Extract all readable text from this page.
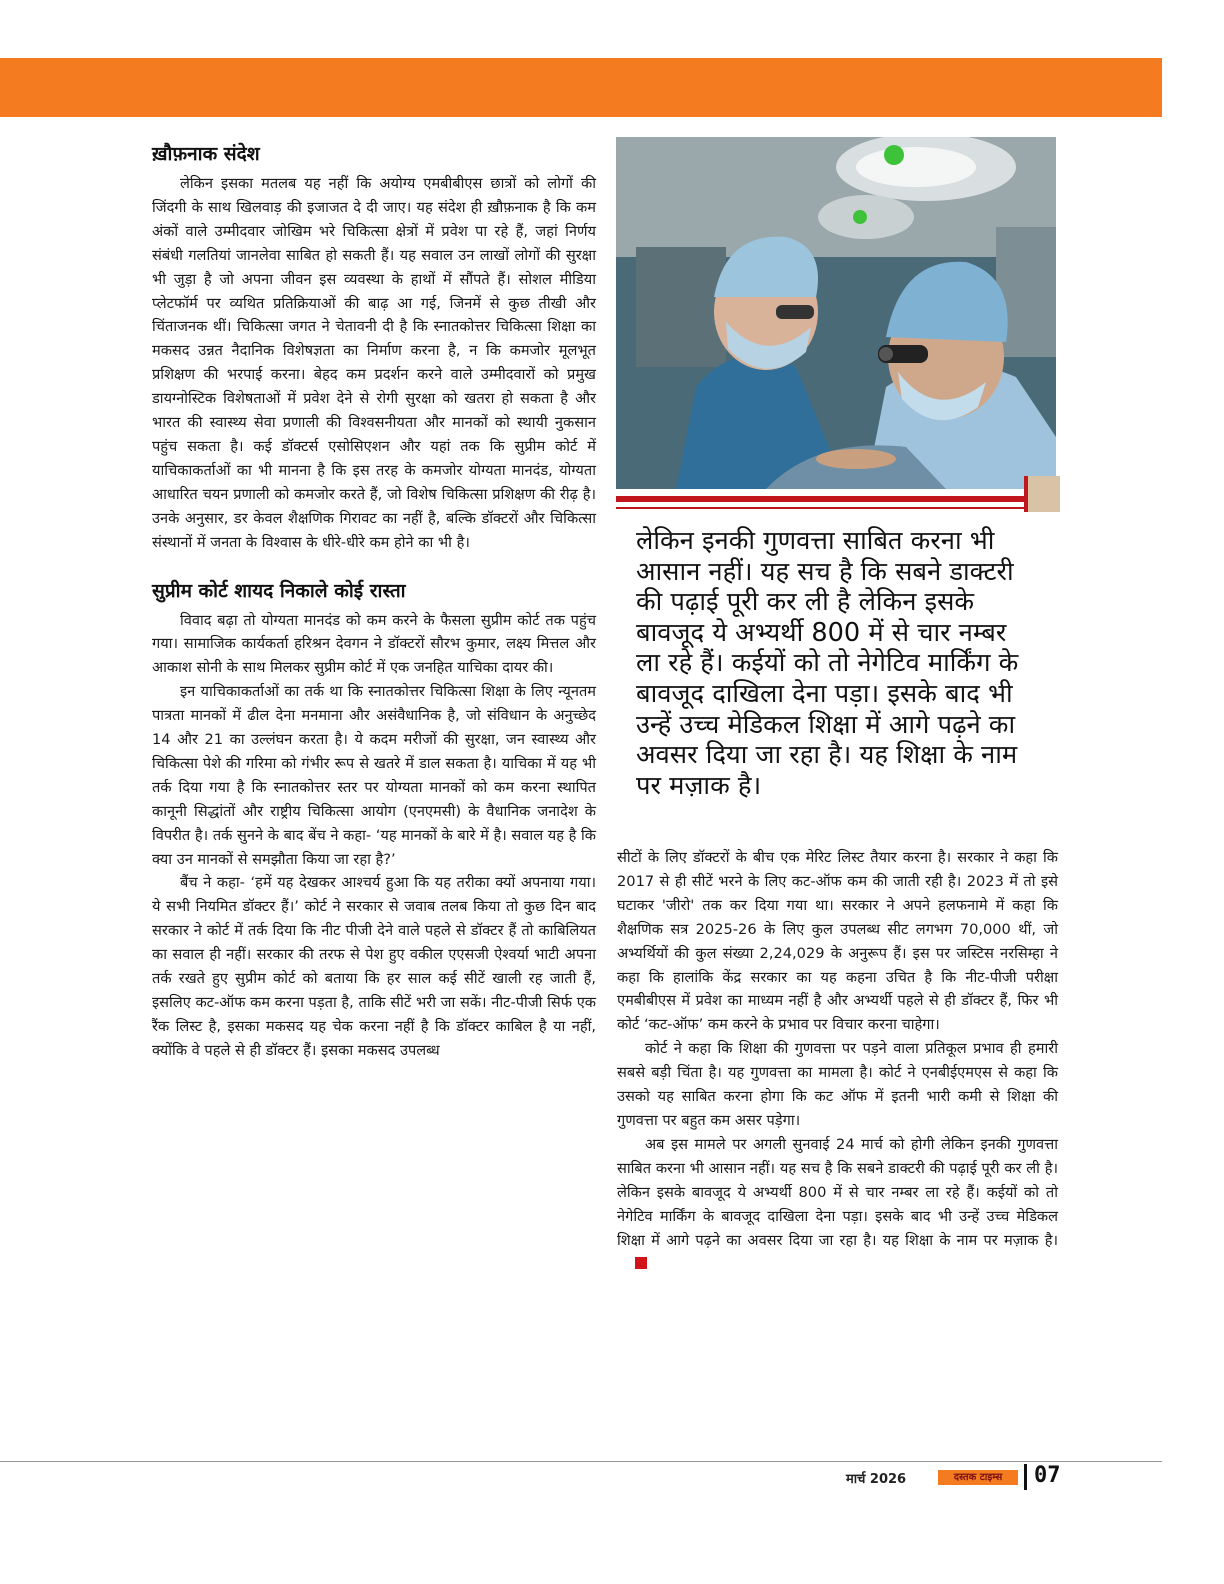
ख़ौफ़नाक संदेश

लेकिन इसका मतलब यह नहीं कि अयोग्य एमबीबीएस छात्रों को लोगों की जिंदगी के साथ खिलवाड़ की इजाजत दे दी जाए। यह संदेश ही ख़ौफ़नाक है कि कम अंकों वाले उम्मीदवार जोखिम भरे चिकित्सा क्षेत्रों में प्रवेश पा रहे हैं, जहां निर्णय संबंधी गलतियां जानलेवा साबित हो सकती हैं। यह सवाल उन लाखों लोगों की सुरक्षा भी जुड़ा है जो अपना जीवन इस व्यवस्था के हाथों में सौंपते हैं। सोशल मीडिया प्लेटफॉर्म पर व्यथित प्रतिक्रियाओं की बाढ़ आ गई, जिनमें से कुछ तीखी और चिंताजनक थीं। चिकित्सा जगत ने चेतावनी दी है कि स्नातकोत्तर चिकित्सा शिक्षा का मकसद उन्नत नैदानिक विशेषज्ञता का निर्माण करना है, न कि कमजोर मूलभूत प्रशिक्षण की भरपाई करना। बेहद कम प्रदर्शन करने वाले उम्मीदवारों को प्रमुख डायग्नोस्टिक विशेषताओं में प्रवेश देने से रोगी सुरक्षा को खतरा हो सकता है और भारत की स्वास्थ्य सेवा प्रणाली की विश्वसनीयता और मानकों को स्थायी नुकसान पहुंच सकता है। कई डॉक्टर्स एसोसिएशन और यहां तक कि सुप्रीम कोर्ट में याचिकाकर्ताओं का भी मानना है कि इस तरह के कमजोर योग्यता मानदंड, योग्यता आधारित चयन प्रणाली को कमजोर करते हैं, जो विशेष चिकित्सा प्रशिक्षण की रीढ़ है। उनके अनुसार, डर केवल शैक्षणिक गिरावट का नहीं है, बल्कि डॉक्टरों और चिकित्सा संस्थानों में जनता के विश्वास के धीरे-धीरे कम होने का भी है।

सुप्रीम कोर्ट शायद निकाले कोई रास्ता

विवाद बढ़ा तो योग्यता मानदंड को कम करने के फैसला सुप्रीम कोर्ट तक पहुंच गया। सामाजिक कार्यकर्ता हरिश्रन देवगन ने डॉक्टरों सौरभ कुमार, लक्ष्य मित्तल और आकाश सोनी के साथ मिलकर सुप्रीम कोर्ट में एक जनहित याचिका दायर की।

इन याचिकाकर्ताओं का तर्क था कि स्नातकोत्तर चिकित्सा शिक्षा के लिए न्यूनतम पात्रता मानकों में ढील देना मनमाना और असंवैधानिक है, जो संविधान के अनुच्छेद 14 और 21 का उल्लंघन करता है। ये कदम मरीजों की सुरक्षा, जन स्वास्थ्य और चिकित्सा पेशे की गरिमा को गंभीर रूप से खतरे में डाल सकता है। याचिका में यह भी तर्क दिया गया है कि स्नातकोत्तर स्तर पर योग्यता मानकों को कम करना स्थापित कानूनी सिद्धांतों और राष्ट्रीय चिकित्सा आयोग (एनएमसी) के वैधानिक जनादेश के विपरीत है। तर्क सुनने के बाद बेंच ने कहा- ‘यह मानकों के बारे में है। सवाल यह है कि क्या उन मानकों से समझौता किया जा रहा है?’

बैंच ने कहा- ‘हमें यह देखकर आश्चर्य हुआ कि यह तरीका क्यों अपनाया गया। ये सभी नियमित डॉक्टर हैं।’ कोर्ट ने सरकार से जवाब तलब किया तो कुछ दिन बाद सरकार ने कोर्ट में तर्क दिया कि नीट पीजी देने वाले पहले से डॉक्टर हैं तो काबिलियत का सवाल ही नहीं। सरकार की तरफ से पेश हुए वकील एएसजी ऐश्वर्या भाटी अपना तर्क रखते हुए सुप्रीम कोर्ट को बताया कि हर साल कई सीटें खाली रह जाती हैं, इसलिए कट-ऑफ कम करना पड़ता है, ताकि सीटें भरी जा सकें। नीट-पीजी सिर्फ एक रैंक लिस्ट है, इसका मकसद यह चेक करना नहीं है कि डॉक्टर काबिल है या नहीं, क्योंकि वे पहले से ही डॉक्टर हैं। इसका मकसद उपलब्ध

लेकिन इनकी गुणवत्ता साबित करना भी आसान नहीं। यह सच है कि सबने डाक्टरी की पढ़ाई पूरी कर ली है लेकिन इसके बावजूद ये अभ्यर्थी 800 में से चार नम्बर ला रहे हैं। कईयों को तो नेगेटिव मार्किंग के बावजूद दाखिला देना पड़ा। इसके बाद भी उन्हें उच्च मेडिकल शिक्षा में आगे पढ़ने का अवसर दिया जा रहा है। यह शिक्षा के नाम पर मज़ाक है।

सीटों के लिए डॉक्टरों के बीच एक मेरिट लिस्ट तैयार करना है। सरकार ने कहा कि 2017 से ही सीटें भरने के लिए कट-ऑफ कम की जाती रही है। 2023 में तो इसे घटाकर 'जीरो' तक कर दिया गया था। सरकार ने अपने हलफनामे में कहा कि शैक्षणिक सत्र 2025-26 के लिए कुल उपलब्ध सीट लगभग 70,000 थीं, जो अभ्यर्थियों की कुल संख्या 2,24,029 के अनुरूप हैं। इस पर जस्टिस नरसिम्हा ने कहा कि हालांकि केंद्र सरकार का यह कहना उचित है कि नीट-पीजी परीक्षा एमबीबीएस में प्रवेश का माध्यम नहीं है और अभ्यर्थी पहले से ही डॉक्टर हैं, फिर भी कोर्ट ‘कट-ऑफ’ कम करने के प्रभाव पर विचार करना चाहेगा।

कोर्ट ने कहा कि शिक्षा की गुणवत्ता पर पड़ने वाला प्रतिकूल प्रभाव ही हमारी सबसे बड़ी चिंता है। यह गुणवत्ता का मामला है। कोर्ट ने एनबीईएमएस से कहा कि उसको यह साबित करना होगा कि कट ऑफ में इतनी भारी कमी से शिक्षा की गुणवत्ता पर बहुत कम असर पड़ेगा।

अब इस मामले पर अगली सुनवाई 24 मार्च को होगी लेकिन इनकी गुणवत्ता साबित करना भी आसान नहीं। यह सच है कि सबने डाक्टरी की पढ़ाई पूरी कर ली है। लेकिन इसके बावजूद ये अभ्यर्थी 800 में से चार नम्बर ला रहे हैं। कईयों को तो नेगेटिव मार्किंग के बावजूद दाखिला देना पड़ा। इसके बाद भी उन्हें उच्च मेडिकल शिक्षा में आगे पढ़ने का अवसर दिया जा रहा है। यह शिक्षा के नाम पर मज़ाक है।

मार्च 2026	दस्तक टाइम्स	07
